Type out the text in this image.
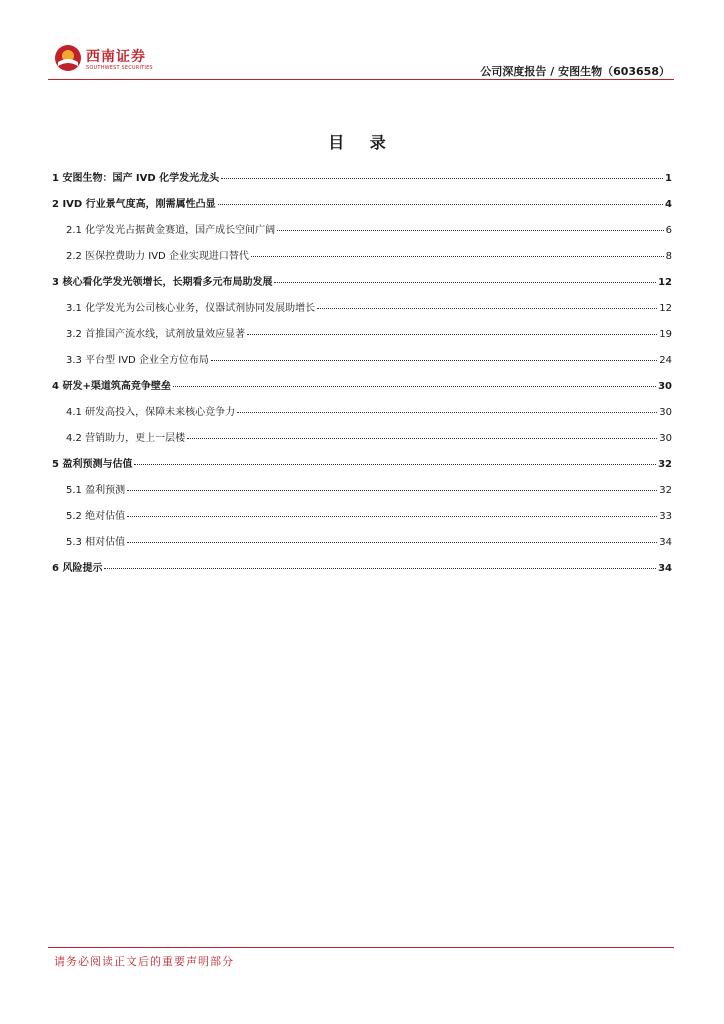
西南证券
SOUTHWEST SECURITIES	公司深度报告 / 安图生物（603658）
目 录
1 安图生物：国产 IVD 化学发光龙头	1
2 IVD 行业景气度高，刚需属性凸显	4
2.1 化学发光占据黄金赛道，国产成长空间广阔	6
2.2 医保控费助力 IVD 企业实现进口替代	8
3 核心看化学发光领增长，长期看多元布局助发展	12
3.1 化学发光为公司核心业务，仪器试剂协同发展助增长	12
3.2 首推国产流水线，试剂放量效应显著	19
3.3 平台型 IVD 企业全方位布局	24
4 研发+渠道筑高竞争壁垒	30
4.1 研发高投入，保障未来核心竞争力	30
4.2 营销助力，更上一层楼	30
5 盈利预测与估值	32
5.1 盈利预测	32
5.2 绝对估值	33
5.3 相对估值	34
6 风险提示	34
请务必阅读正文后的重要声明部分
